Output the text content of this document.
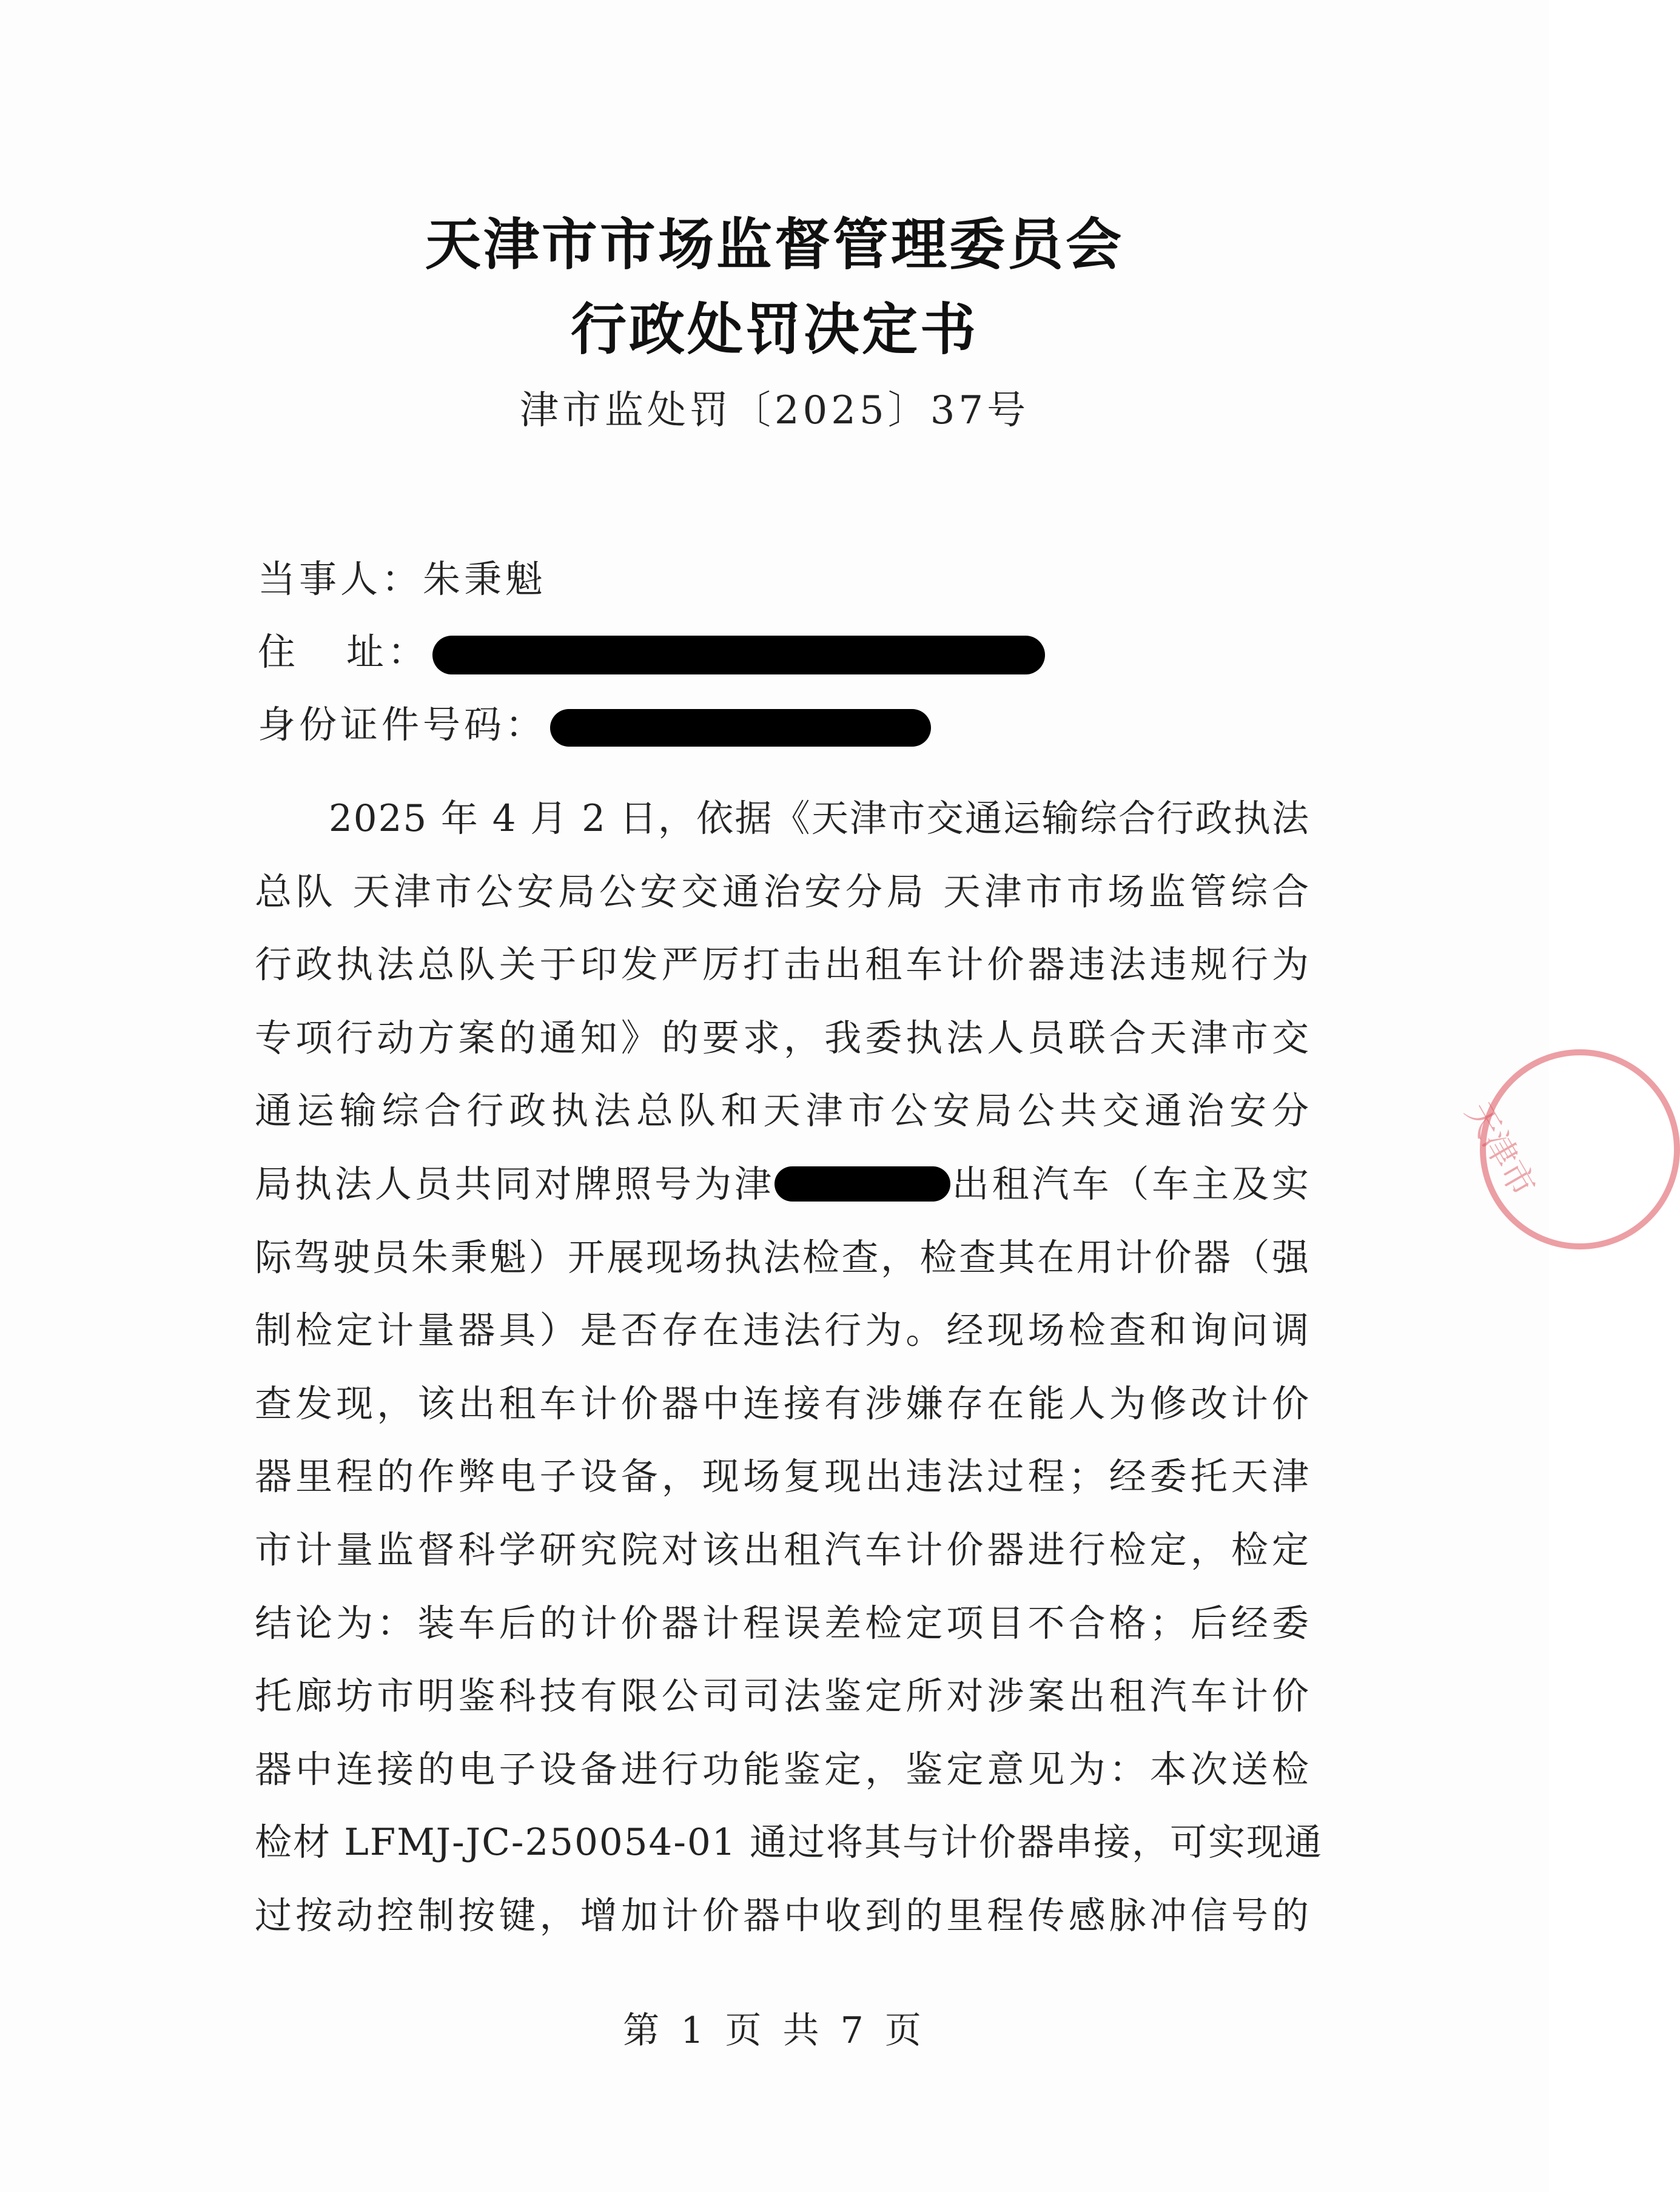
天津市市场监督管理委员会
行政处罚决定书
津市监处罚〔2025〕37号
当事人：朱秉魁
住 址：
身份证件号码：
2025 年 4 月 2 日，依据《天津市交通运输综合行政执法
总队 天津市公安局公安交通治安分局 天津市市场监管综合
行政执法总队关于印发严厉打击出租车计价器违法违规行为
专项行动方案的通知》的要求，我委执法人员联合天津市交
通运输综合行政执法总队和天津市公安局公共交通治安分
局执法人员共同对牌照号为津	出租汽车（车主及实
际驾驶员朱秉魁）开展现场执法检查，检查其在用计价器（强
制检定计量器具）是否存在违法行为。经现场检查和询问调
查发现，该出租车计价器中连接有涉嫌存在能人为修改计价
器里程的作弊电子设备，现场复现出违法过程；经委托天津
市计量监督科学研究院对该出租汽车计价器进行检定，检定
结论为：装车后的计价器计程误差检定项目不合格；后经委
托廊坊市明鉴科技有限公司司法鉴定所对涉案出租汽车计价
器中连接的电子设备进行功能鉴定，鉴定意见为：本次送检
检材 LFMJ-JC-250054-01 通过将其与计价器串接，可实现通
过按动控制按键，增加计价器中收到的里程传感脉冲信号的
第 1 页 共 7 页
天津市
